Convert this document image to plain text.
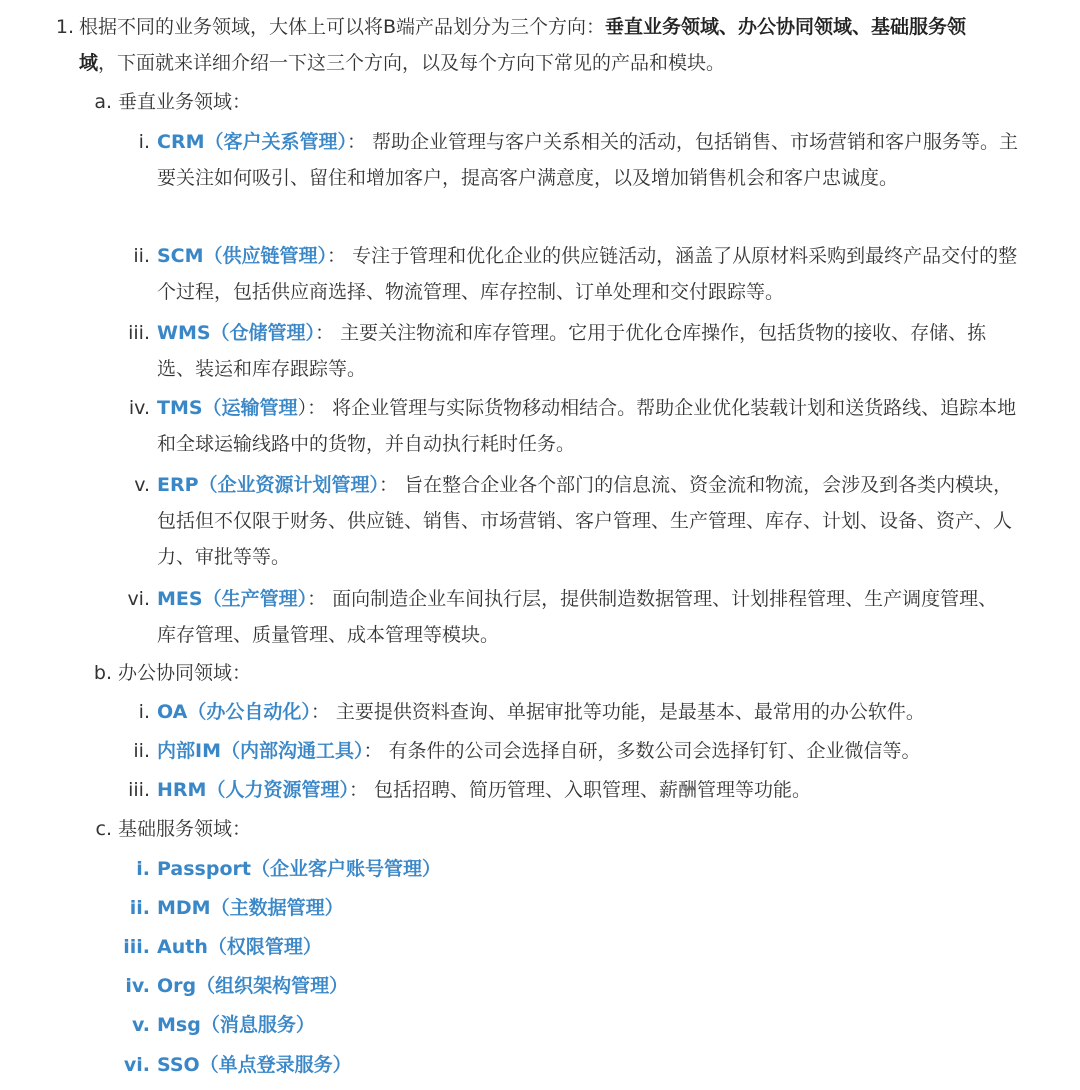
1. 根据不同的业务领域，大体上可以将B端产品划分为三个方向：垂直业务领域、办公协同领域、基础服务领
域，下面就来详细介绍一下这三个方向，以及每个方向下常见的产品和模块。
a. 垂直业务领域：
i. CRM（客户关系管理）： 帮助企业管理与客户关系相关的活动，包括销售、市场营销和客户服务等。主要关注如何吸引、留住和增加客户，提高客户满意度，以及增加销售机会和客户忠诚度。
ii. SCM（供应链管理）： 专注于管理和优化企业的供应链活动，涵盖了从原材料采购到最终产品交付的整个过程，包括供应商选择、物流管理、库存控制、订单处理和交付跟踪等。
iii. WMS（仓储管理）： 主要关注物流和库存管理。它用于优化仓库操作，包括货物的接收、存储、拣选、装运和库存跟踪等。
iv. TMS（运输管理）： 将企业管理与实际货物移动相结合。帮助企业优化装载计划和送货路线、追踪本地和全球运输线路中的货物，并自动执行耗时任务。
v. ERP（企业资源计划管理）： 旨在整合企业各个部门的信息流、资金流和物流，会涉及到各类内模块，包括但不仅限于财务、供应链、销售、市场营销、客户管理、生产管理、库存、计划、设备、资产、人力、审批等等。
vi. MES（生产管理）： 面向制造企业车间执行层，提供制造数据管理、计划排程管理、生产调度管理、库存管理、质量管理、成本管理等模块。
b. 办公协同领域：
i. OA（办公自动化）： 主要提供资料查询、单据审批等功能，是最基本、最常用的办公软件。
ii. 内部IM（内部沟通工具）： 有条件的公司会选择自研，多数公司会选择钉钉、企业微信等。
iii. HRM（人力资源管理）： 包括招聘、简历管理、入职管理、薪酬管理等功能。
c. 基础服务领域：
i. Passport（企业客户账号管理）
ii. MDM（主数据管理）
iii. Auth（权限管理）
iv. Org（组织架构管理）
v. Msg（消息服务）
vi. SSO（单点登录服务）
